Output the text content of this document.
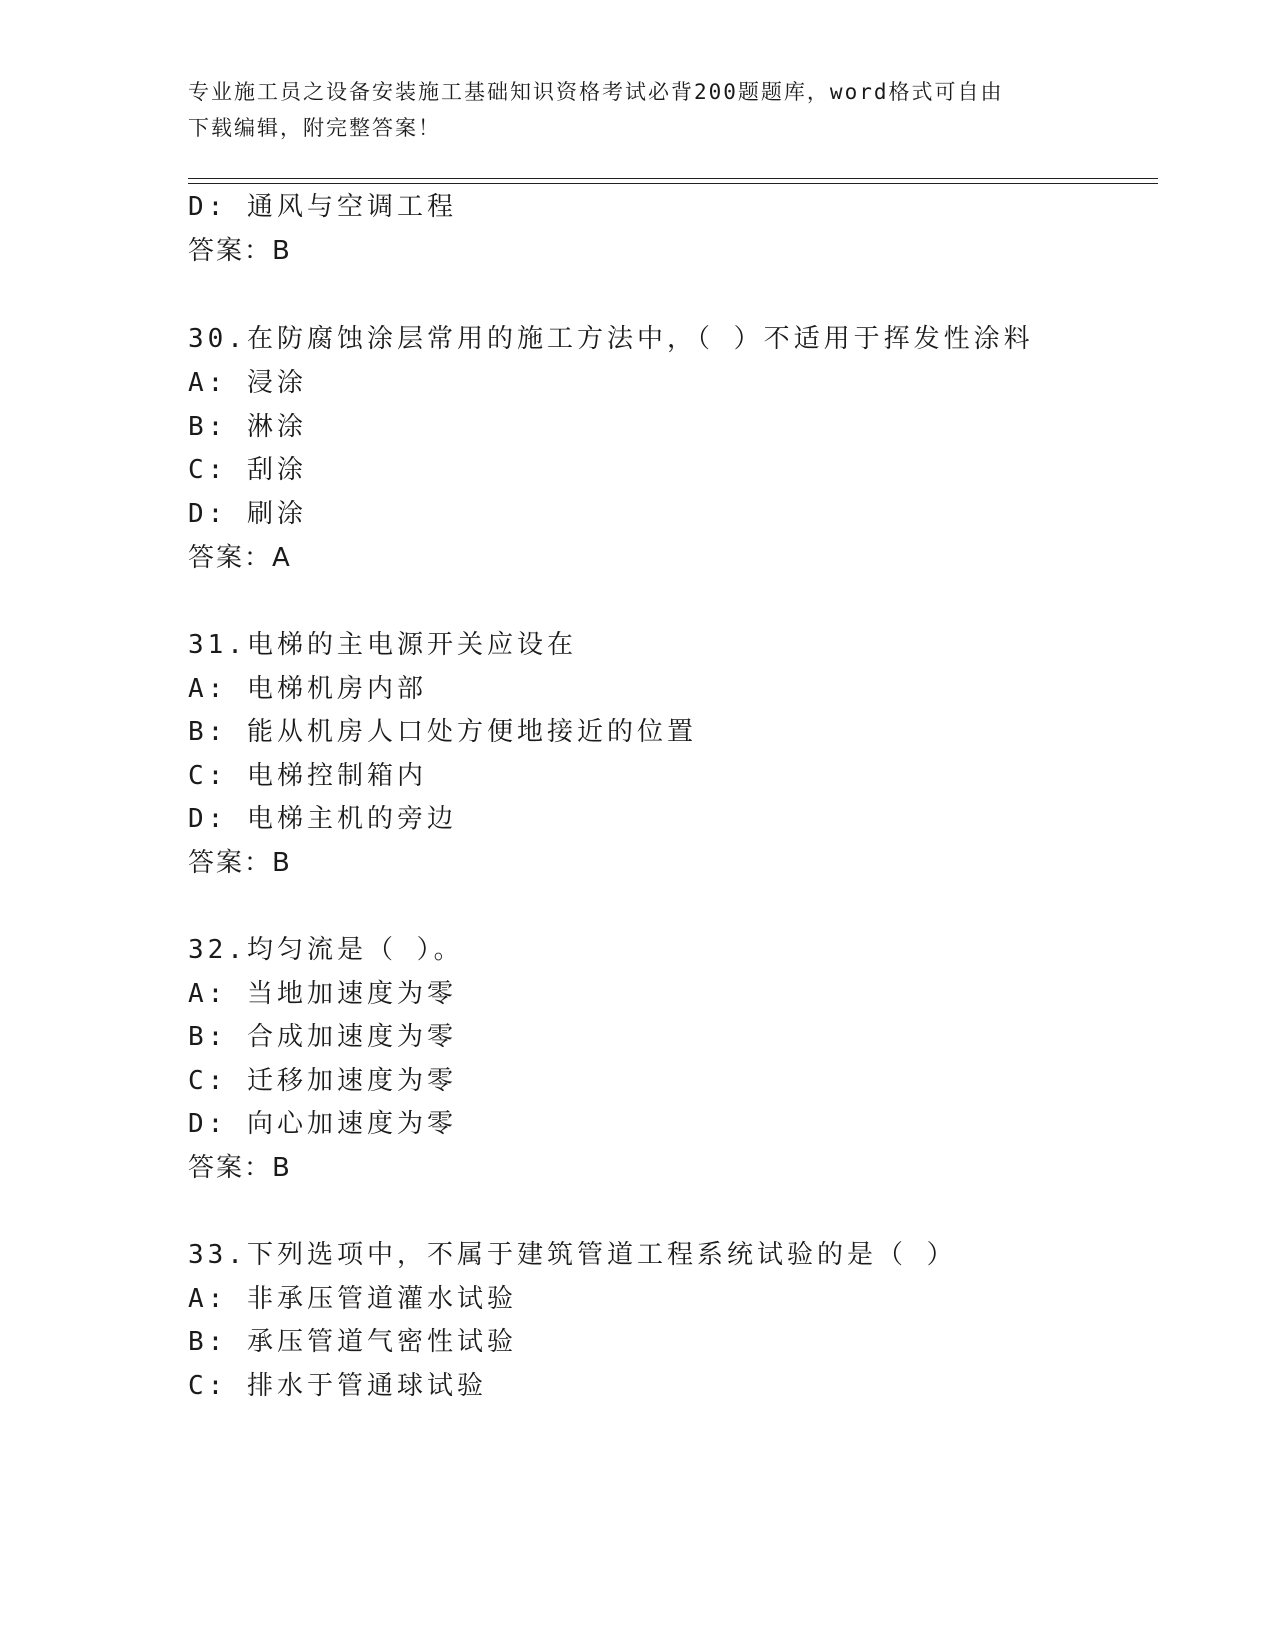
专业施工员之设备安装施工基础知识资格考试必背200题题库，word格式可自由
下载编辑，附完整答案！
D: 通风与空调工程
答案：B
30.在防腐蚀涂层常用的施工方法中，（ ）不适用于挥发性涂料
A: 浸涂
B: 淋涂
C: 刮涂
D: 刷涂
答案：A
31.电梯的主电源开关应设在
A: 电梯机房内部
B: 能从机房人口处方便地接近的位置
C: 电梯控制箱内
D: 电梯主机的旁边
答案：B
32.均匀流是（ ）。
A: 当地加速度为零
B: 合成加速度为零
C: 迁移加速度为零
D: 向心加速度为零
答案：B
33.下列选项中，不属于建筑管道工程系统试验的是（ ）
A: 非承压管道灌水试验
B: 承压管道气密性试验
C: 排水于管通球试验
